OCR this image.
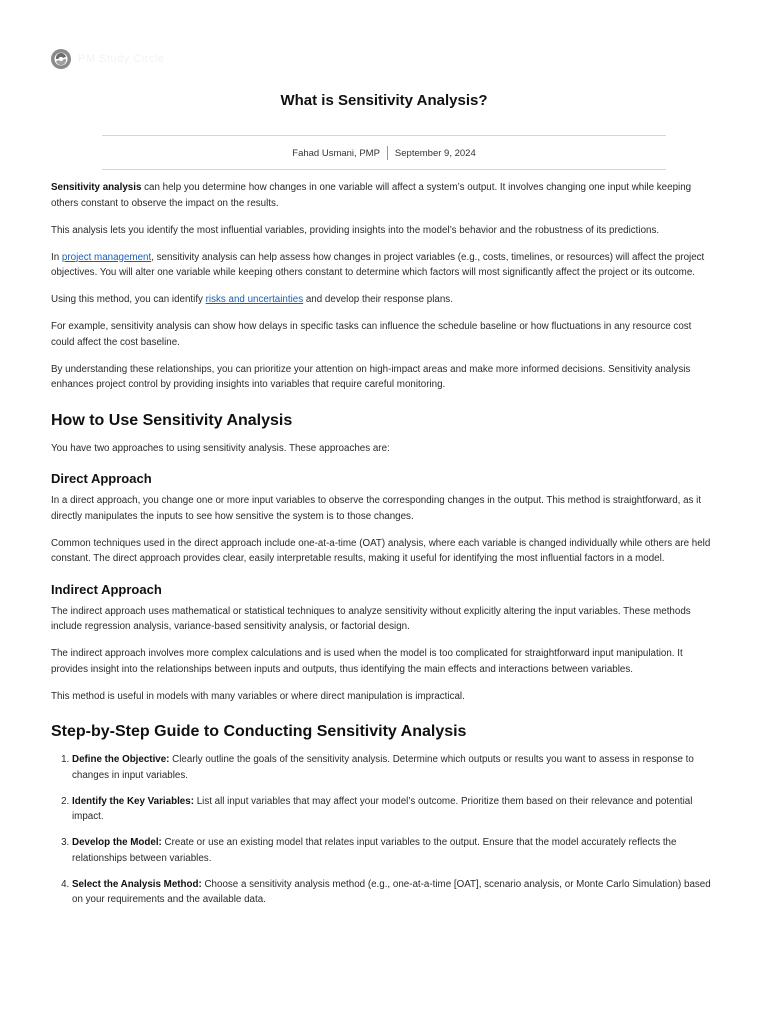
PM Study Circle
What is Sensitivity Analysis?
Fahad Usmani, PMP September 9, 2024

Sensitivity analysis can help you determine how changes in one variable will affect a system’s output. It involves changing one input while keeping others constant to observe the impact on the results.

This analysis lets you identify the most influential variables, providing insights into the model’s behavior and the robustness of its predictions.

In project management, sensitivity analysis can help assess how changes in project variables (e.g., costs, timelines, or resources) will affect the project objectives. You will alter one variable while keeping others constant to determine which factors will most significantly affect the project or its outcome.

Using this method, you can identify risks and uncertainties and develop their response plans.

For example, sensitivity analysis can show how delays in specific tasks can influence the schedule baseline or how fluctuations in any resource cost could affect the cost baseline.

By understanding these relationships, you can prioritize your attention on high-impact areas and make more informed decisions. Sensitivity analysis enhances project control by providing insights into variables that require careful monitoring.

How to Use Sensitivity Analysis

You have two approaches to using sensitivity analysis. These approaches are:

Direct Approach

In a direct approach, you change one or more input variables to observe the corresponding changes in the output. This method is straightforward, as it directly manipulates the inputs to see how sensitive the system is to those changes.

Common techniques used in the direct approach include one-at-a-time (OAT) analysis, where each variable is changed individually while others are held constant. The direct approach provides clear, easily interpretable results, making it useful for identifying the most influential factors in a model.

Indirect Approach

The indirect approach uses mathematical or statistical techniques to analyze sensitivity without explicitly altering the input variables. These methods include regression analysis, variance-based sensitivity analysis, or factorial design.

The indirect approach involves more complex calculations and is used when the model is too complicated for straightforward input manipulation. It provides insight into the relationships between inputs and outputs, thus identifying the main effects and interactions between variables.

This method is useful in models with many variables or where direct manipulation is impractical.

Step-by-Step Guide to Conducting Sensitivity Analysis
1. Define the Objective: Clearly outline the goals of the sensitivity analysis. Determine which outputs or results you want to assess in response to changes in input variables.
2. Identify the Key Variables: List all input variables that may affect your model’s outcome. Prioritize them based on their relevance and potential impact.
3. Develop the Model: Create or use an existing model that relates input variables to the output. Ensure that the model accurately reflects the relationships between variables.
4. Select the Analysis Method: Choose a sensitivity analysis method (e.g., one-at-a-time [OAT], scenario analysis, or Monte Carlo Simulation) based on your requirements and the available data.
